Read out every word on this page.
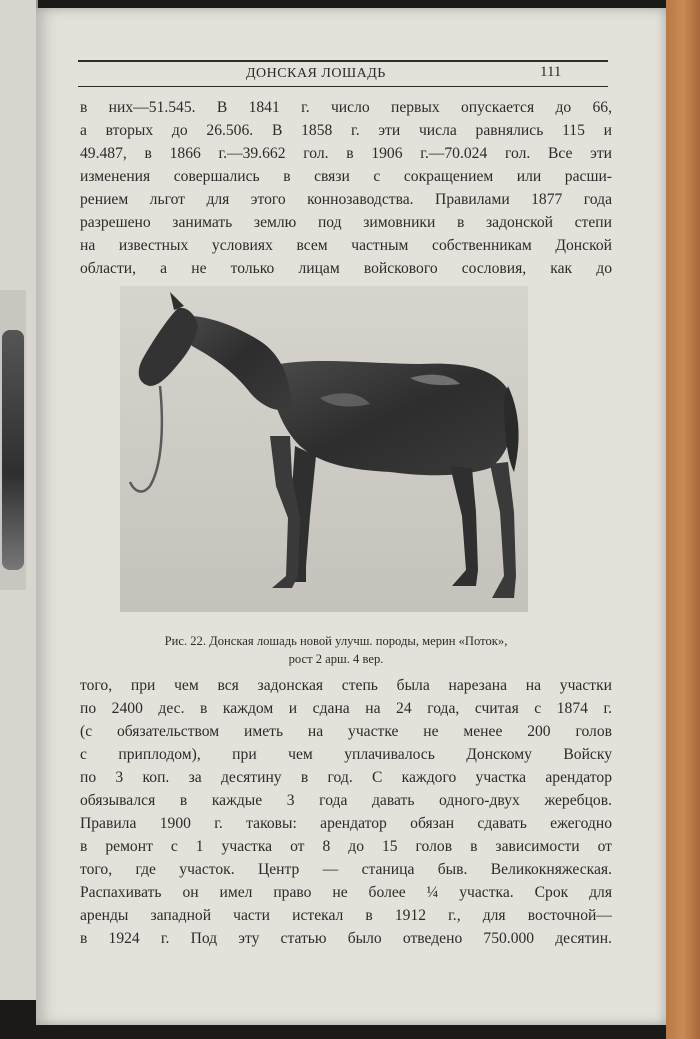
ДОНСКАЯ ЛОШАДЬ	111
в них—51.545. В 1841 г. число первых опускается до 66,
а вторых до 26.506. В 1858 г. эти числа равнялись 115 и
49.487, в 1866 г.—39.662 гол. в 1906 г.—70.024 гол. Все эти
изменения совершались в связи с сокращением или расши-
рением льгот для этого коннозаводства. Правилами 1877 года
разрешено занимать землю под зимовники в задонской степи
на известных условиях всем частным собственникам Донской
области, а не только лицам войскового сословия, как до
Рис. 22. Донская лошадь новой улучш. породы, мерин «Поток»,
рост 2 арш. 4 вер.
того, при чем вся задонская степь была нарезана на участки
по 2400 дес. в каждом и сдана на 24 года, считая с 1874 г.
(с обязательством иметь на участке не менее 200 голов
с приплодом), при чем уплачивалось Донскому Войску
по 3 коп. за десятину в год. С каждого участка арендатор
обязывался в каждые 3 года давать одного-двух жеребцов.
Правила 1900 г. таковы: арендатор обязан сдавать ежегодно
в ремонт с 1 участка от 8 до 15 голов в зависимости от
того, где участок. Центр — станица быв. Великокняжеская.
Распахивать он имел право не более ¼ участка. Срок для
аренды западной части истекал в 1912 г., для восточной—
в 1924 г. Под эту статью было отведено 750.000 десятин.
